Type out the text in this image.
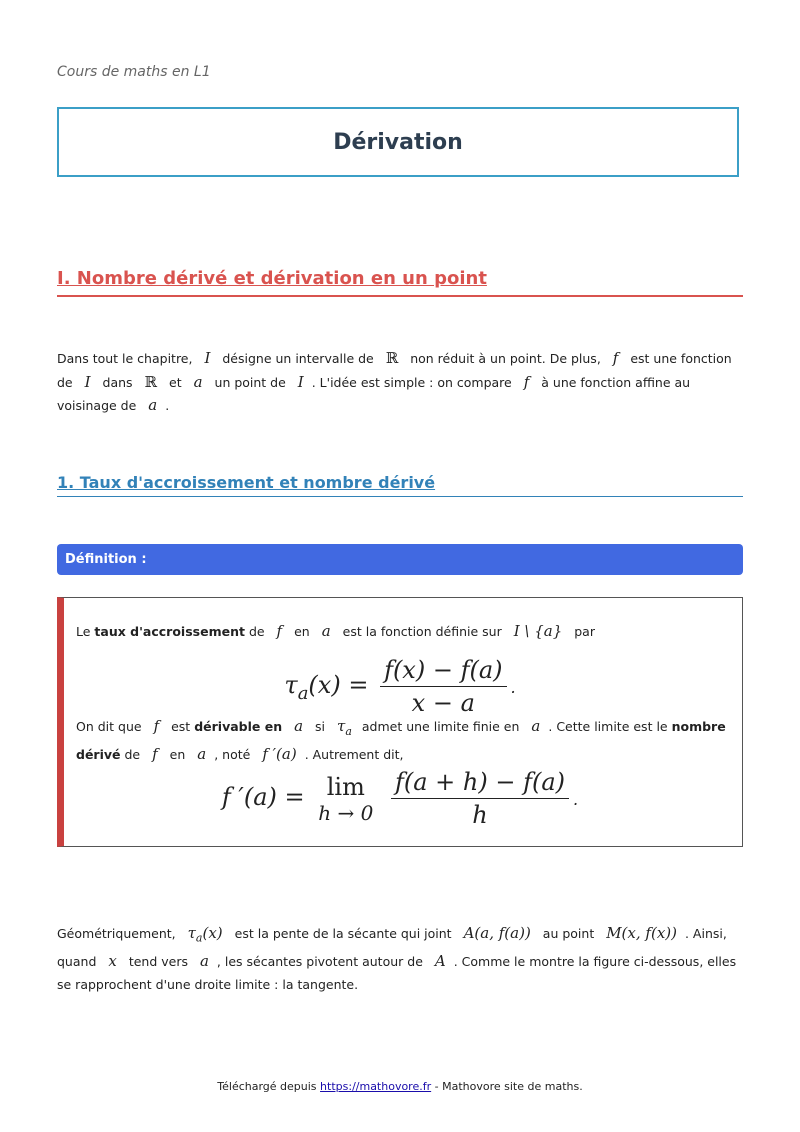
Cours de maths en L1
Dérivation
I. Nombre dérivé et dérivation en un point
Dans tout le chapitre, I désigne un intervalle de ℝ non réduit à un point. De plus, f est une fonction de I dans ℝ et a un point de I . L'idée est simple : on compare f à une fonction affine au voisinage de a .
1. Taux d'accroissement et nombre dérivé
Définition :
Le taux d'accroissement de f en a est la fonction définie sur I \ {a} par
$\tau_a(x) = \frac{f(x) - f(a)}{x - a}$ .
On dit que f est dérivable en a si $\tau_a$ admet une limite finie en a . Cette limite est le nombre dérivé de f en a , noté f ′(a) . Autrement dit,
f ′(a) = lim
h → 0
$\frac{f(a + h) - f(a)}{h}$ .
Géométriquement, $\tau_a(x)$ est la pente de la sécante qui joint A(a, f(a)) au point M(x, f(x)) . Ainsi, quand x tend vers a , les sécantes pivotent autour de A . Comme le montre la figure ci-dessous, elles se rapprochent d'une droite limite : la tangente.
Téléchargé depuis https://mathovore.fr - Mathovore site de maths.
